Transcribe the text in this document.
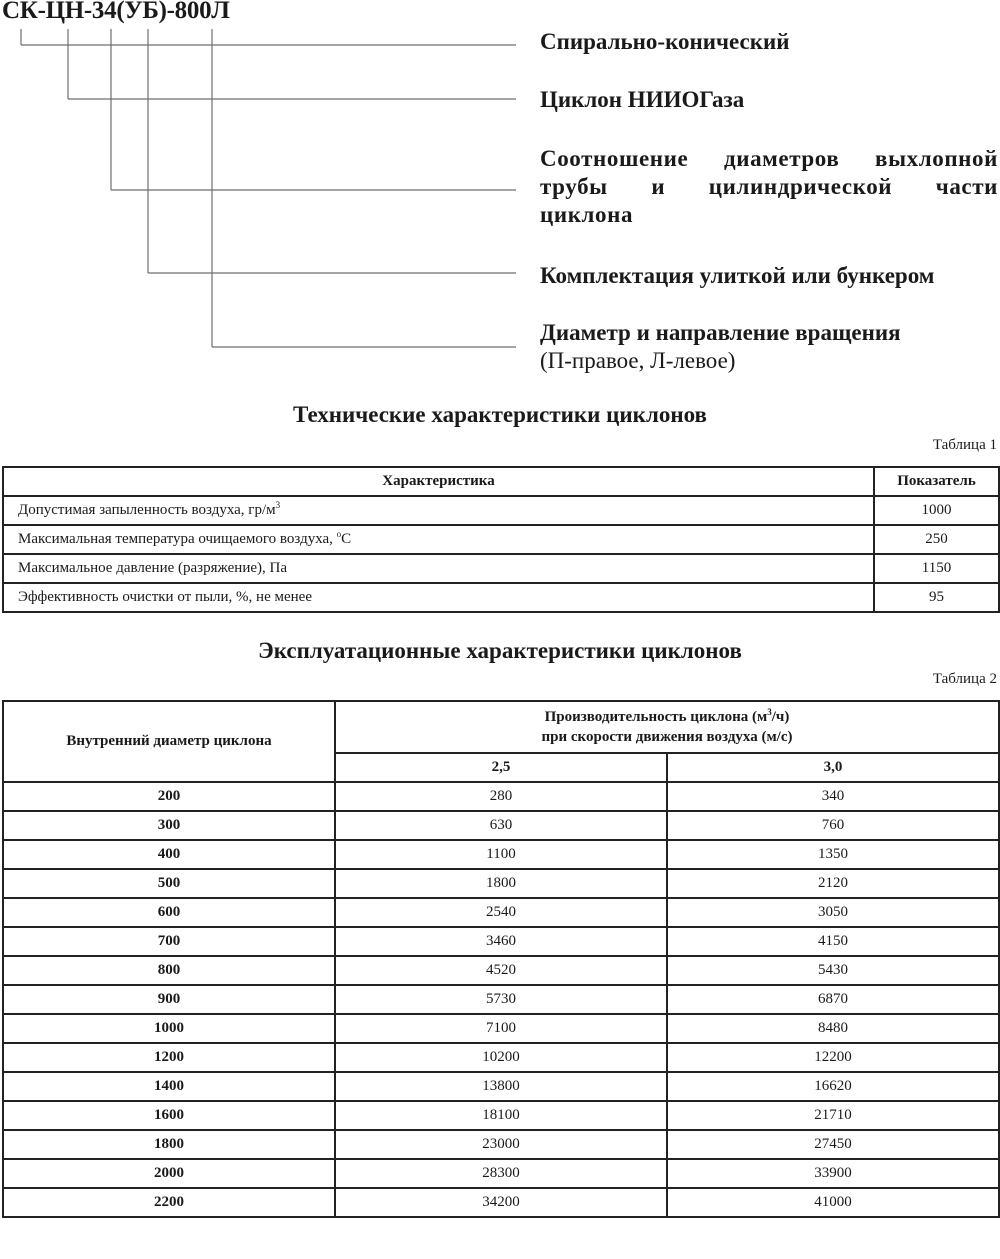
СК-ЦН-34(УБ)-800Л
Спирально-конический
Циклон НИИОГаза
Соотношение диаметров выхлопной трубы и цилиндрической части циклона
Комплектация улиткой или бункером
Диаметр и направление вращения
(П-правое, Л-левое)
Технические характеристики циклонов
Таблица 1
Характеристика	Показатель
Допустимая запыленность воздуха, $гр/м^3$	1000
Максимальная температура очищаемого воздуха, $^о$С	250
Максимальное давление (разряжение), Па	1150
Эффективность очистки от пыли, %, не менее	95
Эксплуатационные характеристики циклонов
Таблица 2
Внутренний диаметр циклона	Производительность циклона $(м^3/ч)$
при скорости движения воздуха (м/с)	
	2,5	3,0
200	280	340
300	630	760
400	1100	1350
500	1800	2120
600	2540	3050
700	3460	4150
800	4520	5430
900	5730	6870
1000	7100	8480
1200	10200	12200
1400	13800	16620
1600	18100	21710
1800	23000	27450
2000	28300	33900
2200	34200	41000
